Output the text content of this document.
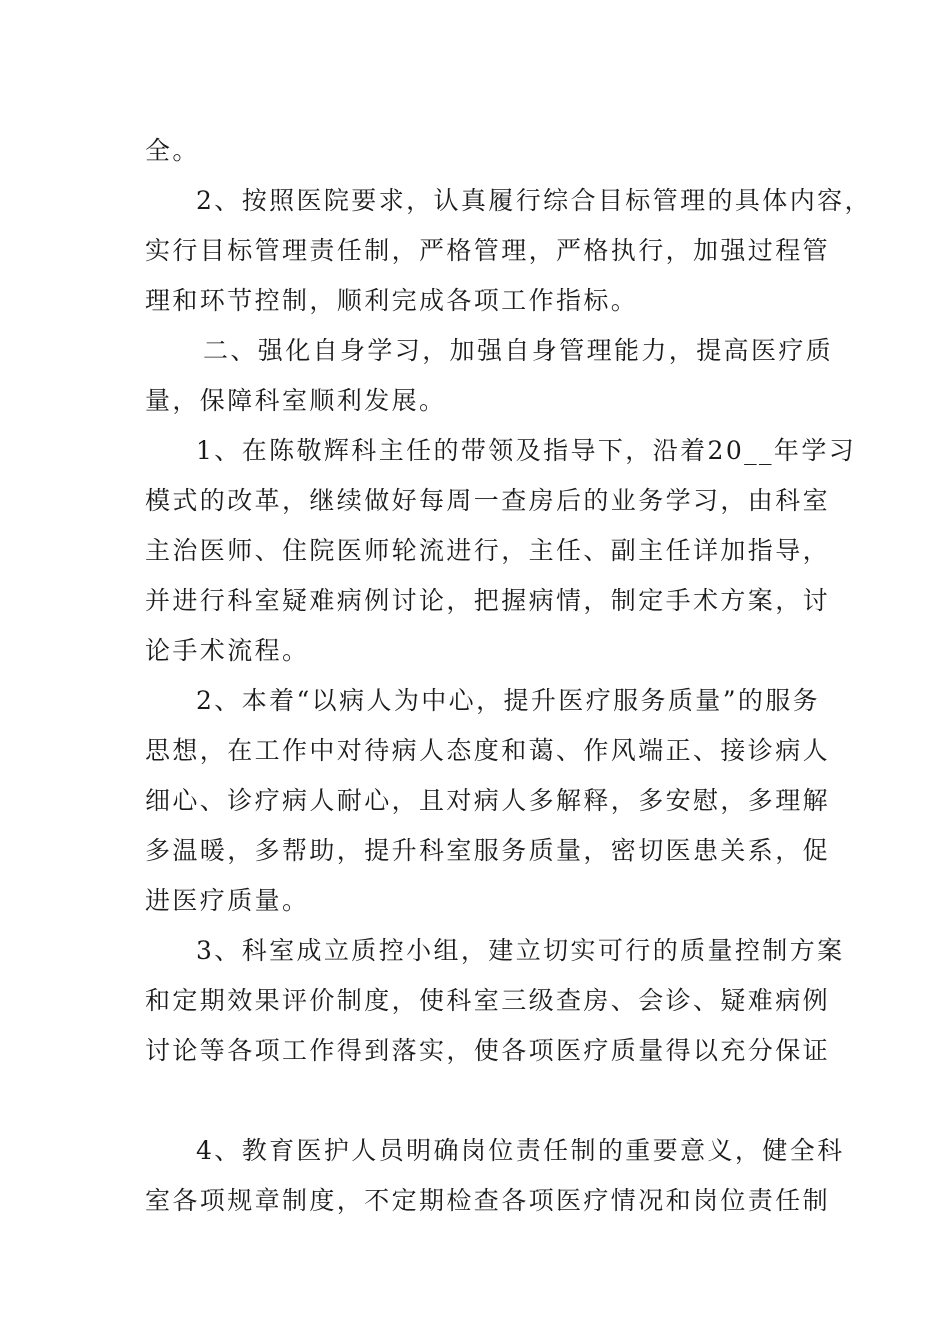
全。
2、按照医院要求，认真履行综合目标管理的具体内容，
实行目标管理责任制，严格管理，严格执行，加强过程管
理和环节控制，顺利完成各项工作指标。
二、强化自身学习，加强自身管理能力，提高医疗质
量，保障科室顺利发展。
1、在陈敬辉科主任的带领及指导下，沿着20__年学习
模式的改革，继续做好每周一查房后的业务学习，由科室
主治医师、住院医师轮流进行，主任、副主任详加指导，
并进行科室疑难病例讨论，把握病情，制定手术方案，讨
论手术流程。
2、本着“以病人为中心，提升医疗服务质量”的服务
思想，在工作中对待病人态度和蔼、作风端正、接诊病人
细心、诊疗病人耐心，且对病人多解释，多安慰，多理解
多温暖，多帮助，提升科室服务质量，密切医患关系，促
进医疗质量。
3、科室成立质控小组，建立切实可行的质量控制方案
和定期效果评价制度，使科室三级查房、会诊、疑难病例
讨论等各项工作得到落实，使各项医疗质量得以充分保证
4、教育医护人员明确岗位责任制的重要意义，健全科
室各项规章制度，不定期检查各项医疗情况和岗位责任制
